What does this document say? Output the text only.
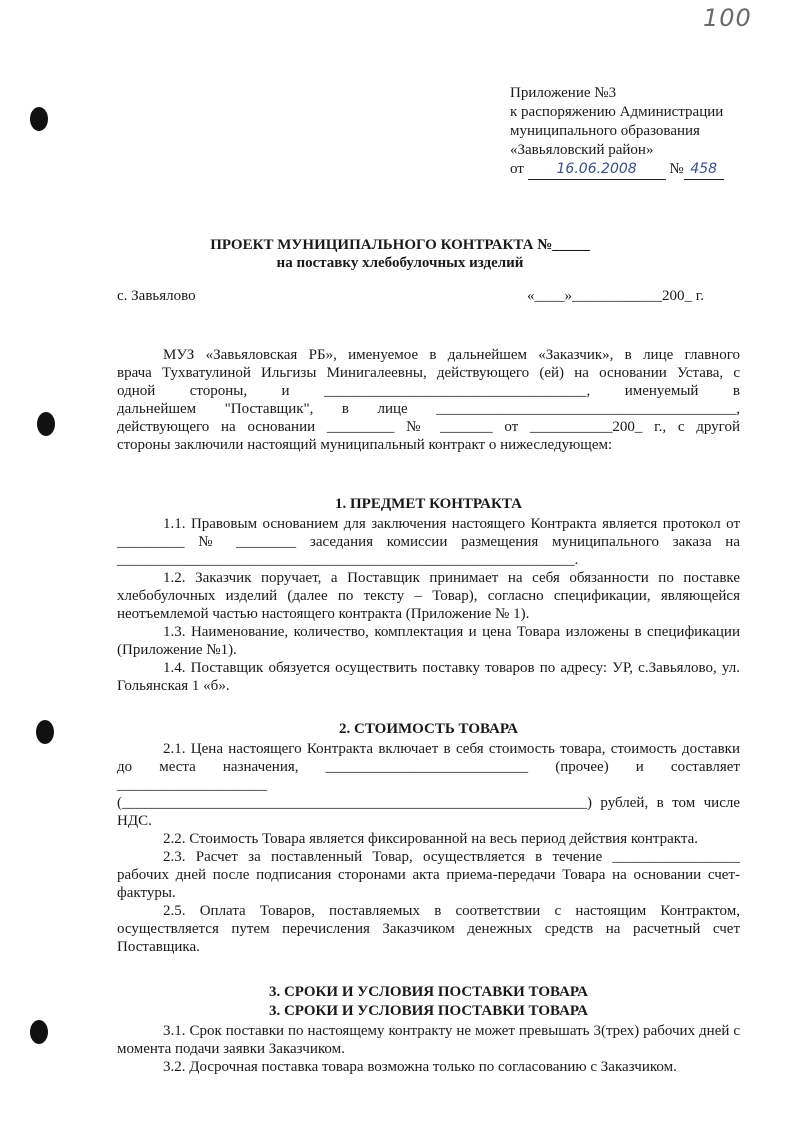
100
Приложение №3
к распоряжению Администрации
муниципального образования
«Завьяловский район»
от 16.06.2008 № 458
ПРОЕКТ МУНИЦИПАЛЬНОГО КОНТРАКТА №_____
на поставку хлебобулочных изделий
с. Завьялово	«____»____________200_ г.

МУЗ «Завьяловская РБ», именуемое в дальнейшем «Заказчик», в лице главного

врача Тухватулиной Ильгизы Минигалеевны, действующего (ей) на основании Устава, с

одной стороны, и ___________________________________, именуемый в

дальнейшем "Поставщик", в лице ________________________________________,

действующего на основании _________ № _______ от ___________200_ г., с другой

стороны заключили настоящий муниципальный контракт о нижеследующем:

1. ПРЕДМЕТ КОНТРАКТА

1.1. Правовым основанием для заключения настоящего Контракта является протокол от _________ № ________ заседания комиссии размещения муниципального заказа на _____________________________________________________________.

1.2. Заказчик поручает, а Поставщик принимает на себя обязанности по поставке хлебобулочных изделий (далее по тексту – Товар), согласно спецификации, являющейся неотъемлемой частью настоящего контракта (Приложение № 1).

1.3. Наименование, количество, комплектация и цена Товара изложены в спецификации (Приложение №1).

1.4. Поставщик обязуется осуществить поставку товаров по адресу: УР, с.Завьялово, ул. Гольянская 1 «б».

2. СТОИМОСТЬ ТОВАРА

2.1. Цена настоящего Контракта включает в себя стоимость товара, стоимость доставки до места назначения, ___________________________ (прочее) и составляет ____________________ (______________________________________________________________) рублей, в том числе НДС.

2.2. Стоимость Товара является фиксированной на весь период действия контракта.

2.3. Расчет за поставленный Товар, осуществляется в течение _________________ рабочих дней после подписания сторонами акта приема-передачи Товара на основании счет-фактуры.

2.5. Оплата Товаров, поставляемых в соответствии с настоящим Контрактом, осуществляется путем перечисления Заказчиком денежных средств на расчетный счет Поставщика.

3. СРОКИ И УСЛОВИЯ ПОСТАВКИ ТОВАРА
3. СРОКИ И УСЛОВИЯ ПОСТАВКИ ТОВАРА

3.1. Срок поставки по настоящему контракту не может превышать 3(трех) рабочих дней с момента подачи заявки Заказчиком.

3.2. Досрочная поставка товара возможна только по согласованию с Заказчиком.
